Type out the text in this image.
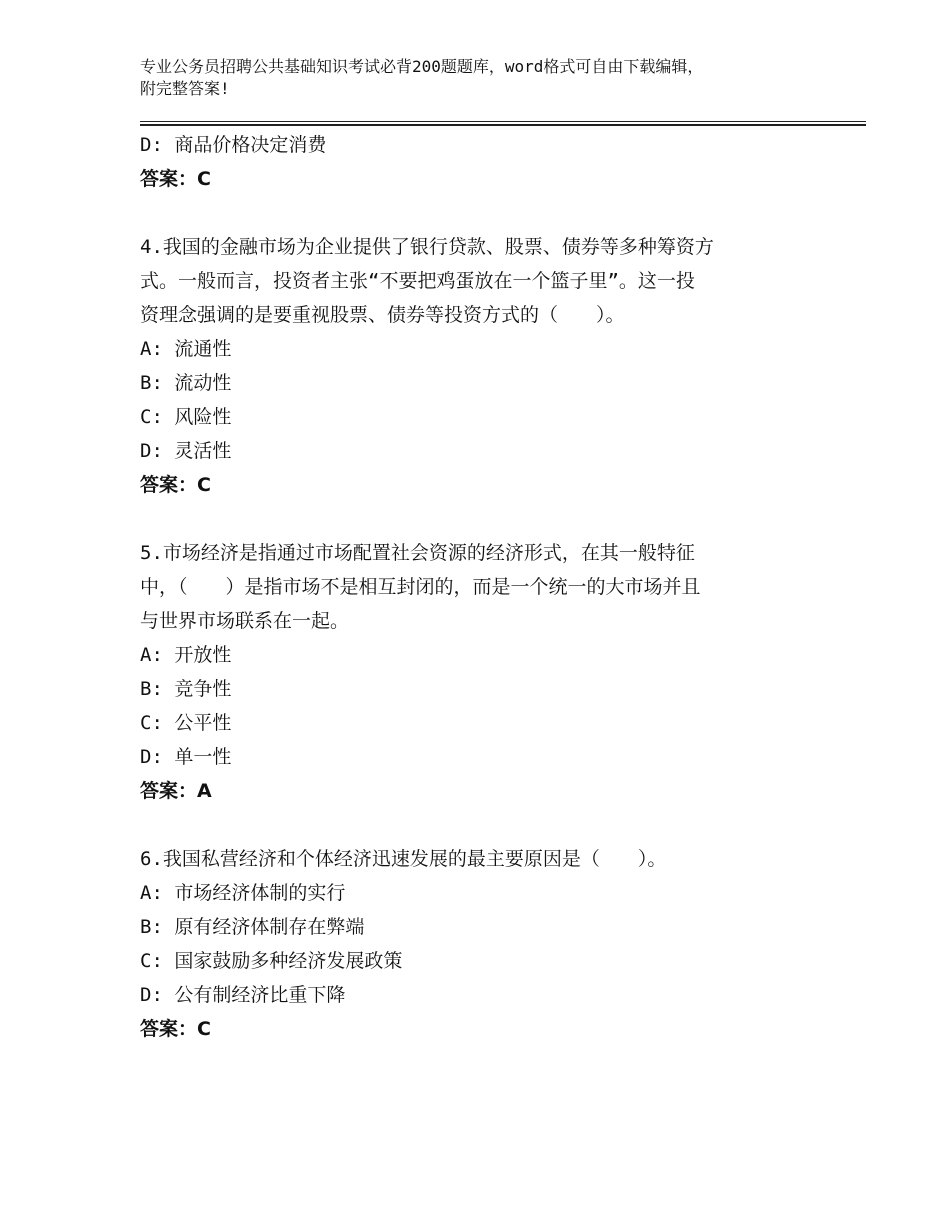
专业公务员招聘公共基础知识考试必背200题题库，word格式可自由下载编辑，
附完整答案!
D: 商品价格决定消费
答案：C
4.我国的金融市场为企业提供了银行贷款、股票、债券等多种筹资方
式。一般而言，投资者主张“不要把鸡蛋放在一个篮子里”。这一投
资理念强调的是要重视股票、债券等投资方式的（　　）。
A: 流通性
B: 流动性
C: 风险性
D: 灵活性
答案：C
5.市场经济是指通过市场配置社会资源的经济形式，在其一般特征
中，（　　）是指市场不是相互封闭的，而是一个统一的大市场并且
与世界市场联系在一起。
A: 开放性
B: 竞争性
C: 公平性
D: 单一性
答案：A
6.我国私营经济和个体经济迅速发展的最主要原因是（　　）。
A: 市场经济体制的实行
B: 原有经济体制存在弊端
C: 国家鼓励多种经济发展政策
D: 公有制经济比重下降
答案：C
